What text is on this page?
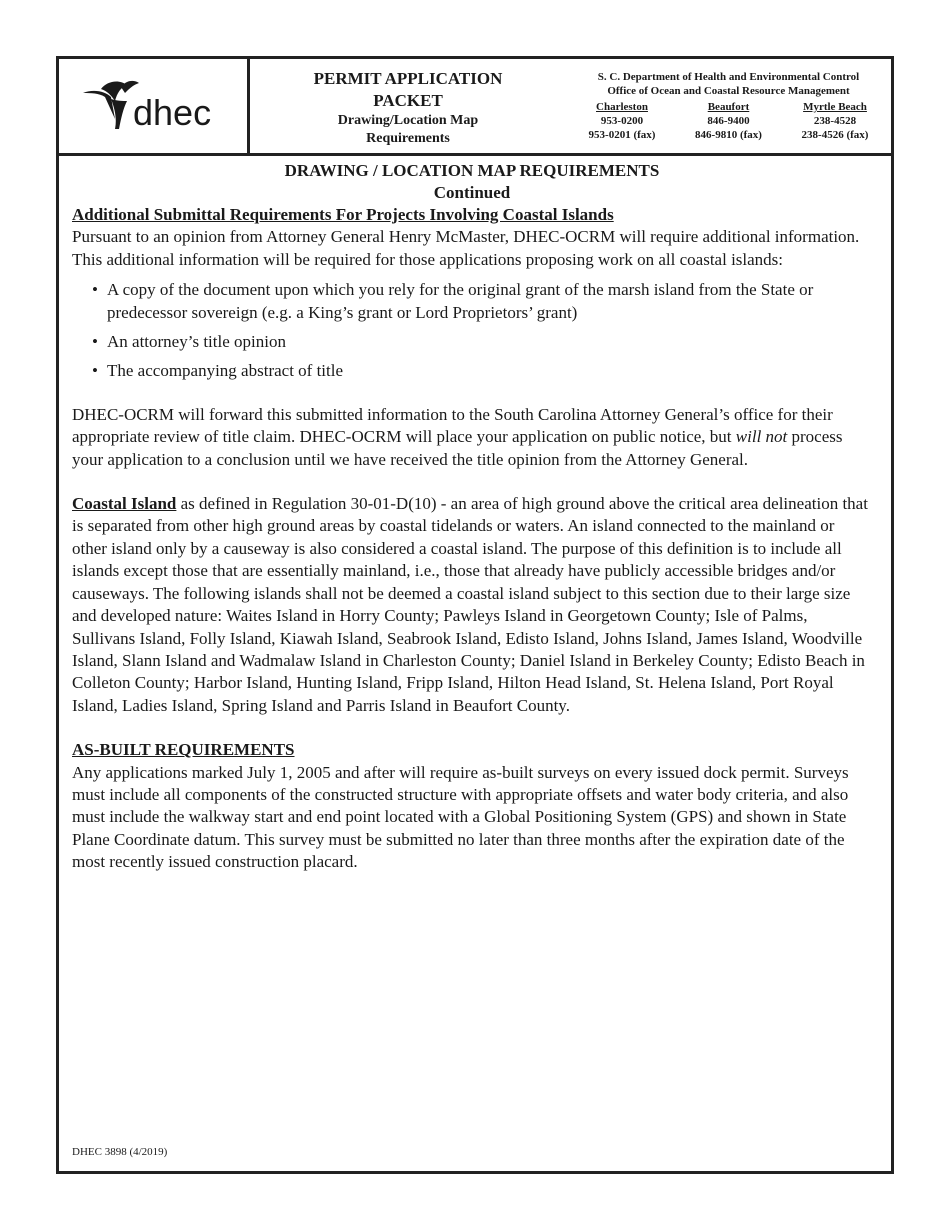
dhec
PERMIT APPLICATION
PACKET
Drawing/Location Map
Requirements
S. C. Department of Health and Environmental Control
Office of Ocean and Coastal Resource Management
Charleston
953-0200
953-0201 (fax)
Beaufort
846-9400
846-9810 (fax)
Myrtle Beach
238-4528
238-4526 (fax)
DRAWING / LOCATION MAP REQUIREMENTS
Continued
Additional Submittal Requirements For Projects Involving Coastal Islands

Pursuant to an opinion from Attorney General Henry McMaster, DHEC-OCRM will require additional information. This additional information will be required for those applications proposing work on all coastal islands:

• A copy of the document upon which you rely for the original grant of the marsh island from the State or predecessor sovereign (e.g. a King’s grant or Lord Proprietors’ grant)
• An attorney’s title opinion
• The accompanying abstract of title

DHEC-OCRM will forward this submitted information to the South Carolina Attorney General’s office for their appropriate review of title claim. DHEC-OCRM will place your application on public notice, but will not process your application to a conclusion until we have received the title opinion from the Attorney General.

Coastal Island as defined in Regulation 30-01-D(10) - an area of high ground above the critical area delineation that is separated from other high ground areas by coastal tidelands or waters. An island connected to the mainland or other island only by a causeway is also considered a coastal island. The purpose of this definition is to include all islands except those that are essentially mainland, i.e., those that already have publicly accessible bridges and/or causeways. The following islands shall not be deemed a coastal island subject to this section due to their large size and developed nature: Waites Island in Horry County; Pawleys Island in Georgetown County; Isle of Palms, Sullivans Island, Folly Island, Kiawah Island, Seabrook Island, Edisto Island, Johns Island, James Island, Woodville Island, Slann Island and Wadmalaw Island in Charleston County; Daniel Island in Berkeley County; Edisto Beach in Colleton County; Harbor Island, Hunting Island, Fripp Island, Hilton Head Island, St. Helena Island, Port Royal Island, Ladies Island, Spring Island and Parris Island in Beaufort County.

AS-BUILT REQUIREMENTS

Any applications marked July 1, 2005 and after will require as-built surveys on every issued dock permit. Surveys must include all components of the constructed structure with appropriate offsets and water body criteria, and also must include the walkway start and end point located with a Global Positioning System (GPS) and shown in State Plane Coordinate datum. This survey must be submitted no later than three months after the expiration date of the most recently issued construction placard.

DHEC 3898 (4/2019)
